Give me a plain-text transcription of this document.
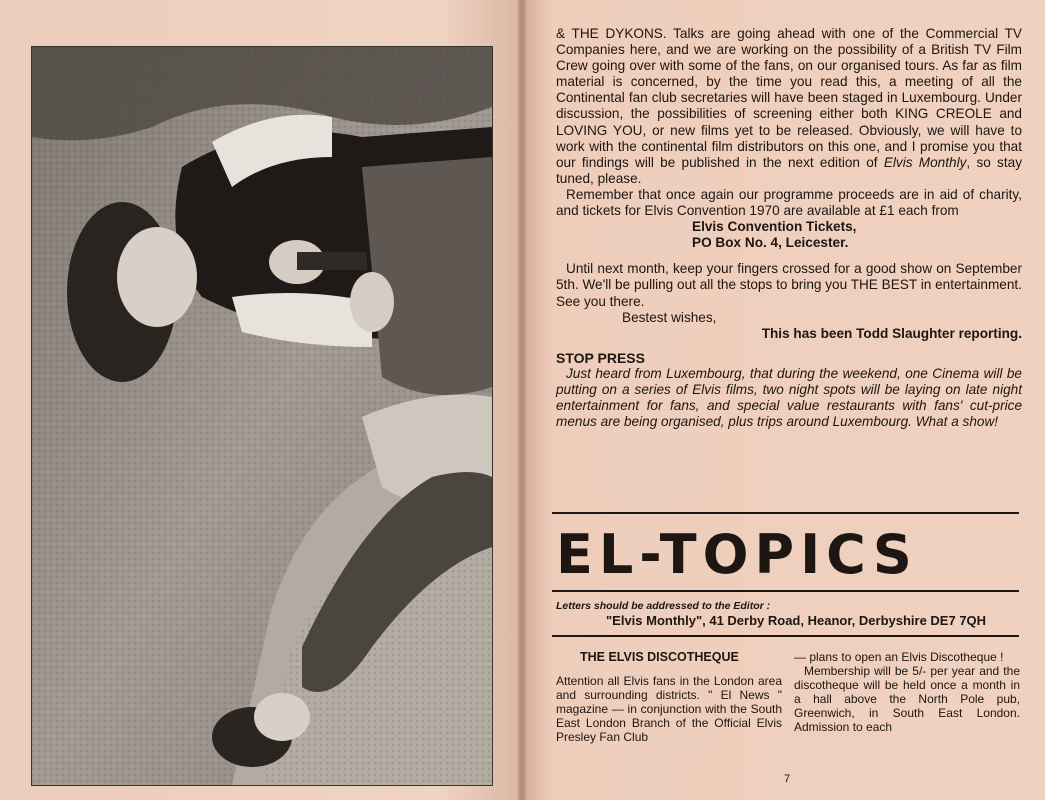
& THE DYKONS. Talks are going ahead with one of the Commercial TV Companies here, and we are working on the possibility of a British TV Film Crew going over with some of the fans, on our organised tours. As far as film material is concerned, by the time you read this, a meeting of all the Continental fan club secretaries will have been staged in Luxembourg. Under discussion, the possibilities of screening either both KING CREOLE and LOVING YOU, or new films yet to be released. Obviously, we will have to work with the continental film distributors on this one, and I promise you that our findings will be published in the next edition of Elvis Monthly, so stay tuned, please.

Remember that once again our programme proceeds are in aid of charity, and tickets for Elvis Convention 1970 are available at £1 each from

Elvis Convention Tickets,

PO Box No. 4, Leicester.

Until next month, keep your fingers crossed for a good show on September 5th. We'll be pulling out all the stops to bring you THE BEST in entertainment. See you there.

Bestest wishes,

This has been Todd Slaughter reporting.

STOP PRESS

Just heard from Luxembourg, that during the weekend, one Cinema will be putting on a series of Elvis films, two night spots will be laying on late night entertainment for fans, and special value restaurants with fans' cut-price menus are being organised, plus trips around Luxembourg. What a show!

EL-TOPICS
Letters should be addressed to the Editor :
"Elvis Monthly", 41 Derby Road, Heanor, Derbyshire DE7 7QH

THE ELVIS DISCOTHEQUE

Attention all Elvis fans in the London area and surrounding districts. " El News " magazine — in conjunction with the South East London Branch of the Official Elvis Presley Fan Club

— plans to open an Elvis Discotheque !

Membership will be 5/- per year and the discotheque will be held once a month in a hall above the North Pole pub, Greenwich, in South East London. Admission to each

7
